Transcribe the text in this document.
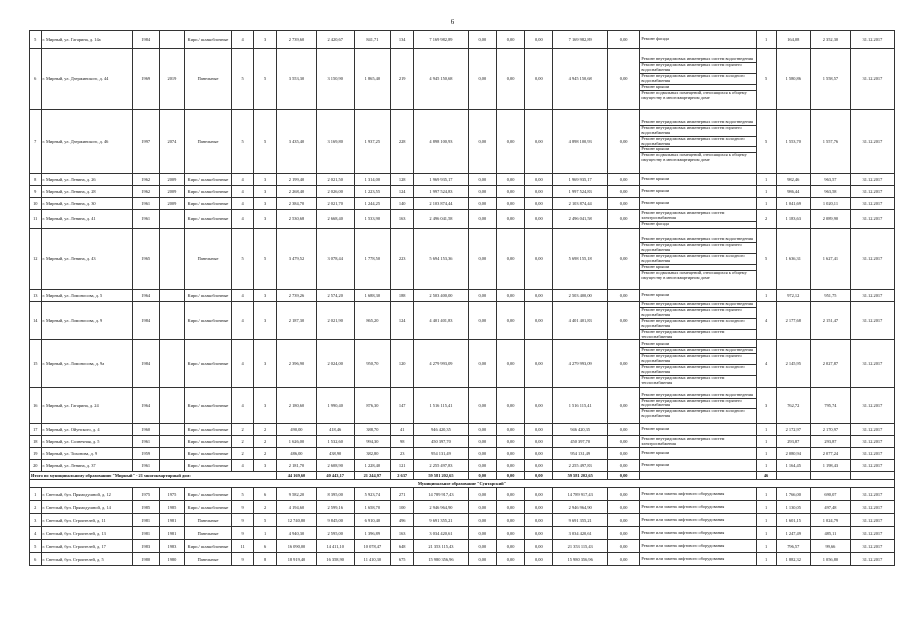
6
5	г. Мирный, ул. Гагарина, д. 14а	1984		Кирп./ шлакоблочные	4	3	2 739,60	2 420,67	841,71	134	7 169 982,89	0,00	0,00	0,00	7 169 982,89	0,00	Ремонт фасада	1	164,08	2 352,30	31.12.2017
6	г. Мирный, ул. Дзержинского, д. 44	1969	2019	Панельные	5	5	3 553,30	3 150,90	1 865,40	219	4 945 150,68	0,00	0,00	0,00	4 945 150,68	0,00	Ремонт внутридомовых инженерных систем водоотведения
Ремонт внутридомовых инженерных систем горячего водоснабжения
Ремонт внутридомовых инженерных систем холодного водоснабжения
Ремонт крыши
Ремонт подвальных помещений, относящихся к общему имуществу в многоквартирном доме	5	1 580,86	1 558,57	31.12.2017
7	г. Мирный, ул. Дзержинского, д. 46	1997	2074	Панельные	5	5	3 435,40	3 169,80	1 937,25	228	4 898 100,93	0,00	0,00	0,00	4 898 100,93	0,00	Ремонт внутридомовых инженерных систем водоотведения
Ремонт внутридомовых инженерных систем горячего водоснабжения
Ремонт внутридомовых инженерных систем холодного водоснабжения
Ремонт крыши
Ремонт подвальных помещений, относящихся к общему имуществу в многоквартирном доме	5	1 553,70	1 557,76	31.12.2017
8	г. Мирный, ул. Ленина, д. 26	1962	2009	Кирп./ шлакоблочные	4	3	2 199,40	2 021,50	1 314,00	128	1 969 935,17	0,00	0,00	0,00	1 969 935,17	0,00	Ремонт крыши	1	982,46	963,57	31.12.2017
9	г. Мирный, ул. Ленина, д. 28	1962	2009	Кирп./ шлакоблочные	4	3	2 268,40	2 026,00	1 223,55	124	1 997 524,83	0,00	0,00	0,00	1 997 524,83	0,00	Ремонт крыши	1	986,44	963,58	31.12.2017
10	г. Мирный, ул. Ленина, д. 30	1961	2009	Кирп./ шлакоблочные	4	3	2 384,70	2 021,70	1 244,25	140	2 103 874,44	0,00	0,00	0,00	2 103 874,44	0,00	Ремонт крыши	1	1 041,69	1 020,11	31.12.2017
11	г. Мирный, ул. Ленина, д. 41	1961		Кирп./ шлакоблочные	4	3	2 530,68	2 668,40	1 533,90	163	2 496 041,58	0,00	0,00	0,00	2 496 041,58	0,00	Ремонт внутридомовых инженерных систем электроснабжения
Ремонт фасада	2	1 183,63	2 089,90	31.12.2017
12	г. Мирный, ул. Ленина, д. 43	1965		Панельные	5	5	3 479,52	3 078,44	1 778,50	223	5 694 153,36	0,00	0,00	0,00	5 698 155,18	0,00	Ремонт внутридомовых инженерных систем водоотведения
Ремонт внутридомовых инженерных систем горячего водоснабжения
Ремонт внутридомовых инженерных систем холодного водоснабжения
Ремонт крыши
Ремонт подвальных помещений, относящихся к общему имуществу в многоквартирном доме	5	1 636,31	1 627,41	31.12.2017
13	г. Мирный, ул. Ломоносова, д. 5	1964		Кирп./ шлакоблочные	4	3	2 739,26	2 574,20	1 688,30	188	2 503 400,00	0,00	0,00	0,00	2 503 400,00	0,00	Ремонт крыши	1	972,12	951,75	31.12.2017
14	г. Мирный, ул. Ломоносова, д. 9	1984		Кирп./ шлакоблочные	4	3	2 187,30	2 021,90	865,20	124	4 401 401,83	0,00	0,00	0,00	4 401 401,83	0,00	Ремонт внутридомовых инженерных систем водоотведения
Ремонт внутридомовых инженерных систем горячего водоснабжения
Ремонт внутридомовых инженерных систем холодного водоснабжения
Ремонт внутридомовых инженерных систем теплоснабжения	4	2 177,68	2 151,47	31.12.2017
15	г. Мирный, ул. Ломоносова, д. 9а	1984		Кирп./ шлакоблочные	4	3	2 396,90	2 024,00	950,70	120	4 279 993,09	0,00	0,00	0,00	4 279 993,09	0,00	Ремонт крыши
Ремонт внутридомовых инженерных систем водоотведения
Ремонт внутридомовых инженерных систем горячего водоснабжения
Ремонт внутридомовых инженерных систем холодного водоснабжения
Ремонт внутридомовых инженерных систем теплоснабжения	4	2 145,95	2 027,87	31.12.2017
16	г. Мирный, ул. Гагарина, д. 24	1964		Кирп./ шлакоблочные	4	3	2 180,60	1 990,40	876,30	147	1 516 115,41	0,00	0,00	0,00	1 516 115,41	0,00	Ремонт внутридомовых инженерных систем водоотведения
Ремонт внутридомовых инженерных систем горячего водоснабжения
Ремонт внутридомовых инженерных систем холодного водоснабжения	3	762,72	795,74	31.12.2017
17	г. Мирный, ул. Ойунского, д. 4	1960		Кирп./ шлакоблочные	2	2	490,00	418,46	388,70	41	946 420,35	0,00	0,00	0,00	946 420,35	0,00	Ремонт крыши	1	2 172,97	2 170,97	31.12.2017
18	г. Мирный, ул. Солнечная, д. 5	1961		Кирп./ шлакоблочные	2	2	1 626,00	1 532,60	994,30	98	450 397,70	0,00	0,00	0,00	450 397,70	0,00	Ремонт внутридомовых инженерных систем электроснабжения	1	293,87	293,87	31.12.2017
19	г. Мирный, ул. Тихонова, д. 9	1959		Кирп./ шлакоблочные	2	2	486,00	438,90	382,80	23	954 131,49	0,00	0,00	0,00	954 131,49	0,00	Ремонт крыши	1	2 080,94	2 077,24	31.12.2017
20	г. Мирный, ул. Ленина, д. 37	1961		Кирп./ шлакоблочные	4	3	2 181,70	2 608,90	1 228,40	121	2 255 497,83	0,00	0,00	0,00	2 255 497,83	0,00	Ремонт крыши	1	1 164,45	1 198,43	31.12.2017
Итого по муниципальному образованию "Мирный" - 21 многоквартирный дом:							44 169,60	40 443,17	21 244,97	2 637	59 581 202,65	0,00	0,00	0,00	59 581 202,65	0,00		46			
Муниципальное образование "Сунтарский"																					
1	г. Светлый, бул. Прямодушной, д. 12	1975	1975	Кирп./ шлакоблочные	5	6	9 582,20	8 395,00	5 923,74	271	14 789 917,43	0,00	0,00	0,00	14 789 917,43	0,00	Ремонт или замена лифтового оборудования	1	1 766,00	690,07	31.12.2017
2	г. Светлый, бул. Прямодушной, д. 14	1985	1985	Кирп./ шлакоблочные	9	2	4 194,60	2 599,16	1 658,70	100	2 946 964,90	0,00	0,00	0,00	2 946 964,90	0,00	Ремонт или замена лифтового оборудования	1	1 130,05	497,48	31.12.2017
3	г. Светлый, бул. Строителей, д. 11	1981	1981	Панельные	9	5	12 740,80	9 845,00	6 910,40	496	9 691 355,21	0,00	0,00	0,00	9 691 355,21	0,00	Ремонт или замена лифтового оборудования	1	1 601,15	1 024,79	31.12.2017
4	г. Светлый, бул. Строителей, д. 13	1981	1981	Панельные	9	1	4 940,30	2 595,00	1 396,89	163	3 034 420,61	0,00	0,00	0,00	3 034 420,61	0,00	Ремонт или замена лифтового оборудования	1	1 247,49	485,11	31.12.2017
5	г. Светлый, бул. Строителей, д. 17	1983	1983	Кирп./ шлакоблочные	11	6	16 090,00	14 411,10	10 078,47	648	21 353 115,43	0,00	0,00	0,00	21 353 115,43	0,00	Ремонт или замена лифтового оборудования	1	796,57	99,66	31.12.2017
6	г. Светлый, бул. Строителей, д. 5	1980	1980	Панельные	9	8	18 919,40	16 358,90	11 410,30	675	15 980 356,96	0,00	0,00	0,00	15 980 356,96	0,00	Ремонт или замена лифтового оборудования	1	1 882,32	1 056,80	31.12.2017
